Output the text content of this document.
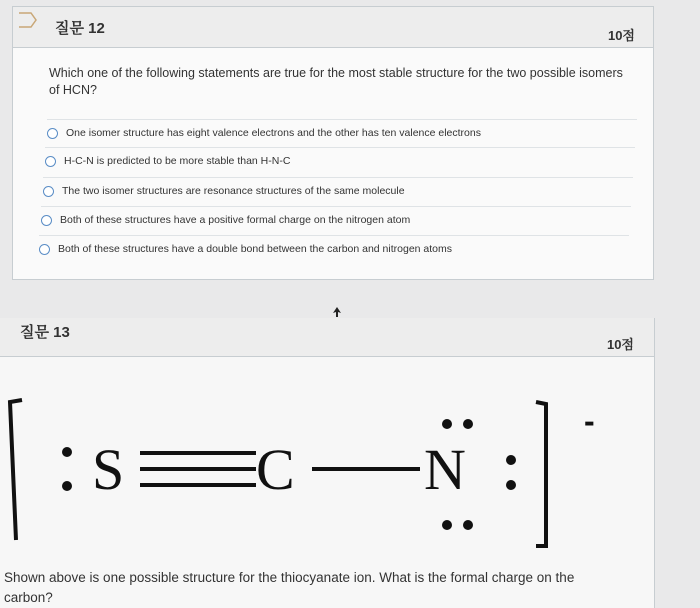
질문 12	10점
Which one of the following statements are true for the most stable structure for the two possible isomers of HCN?
One isomer structure has eight valence electrons and the other has ten valence electrons
H-C-N is predicted to be more stable than H-N-C
The two isomer structures are resonance structures of the same molecule
Both of these structures have a positive formal charge on the nitrogen atom
Both of these structures have a double bond between the carbon and nitrogen atoms
질문 13
10점
S C N
-
Shown above is one possible structure for the thiocyanate ion. What is the formal charge on the carbon?
